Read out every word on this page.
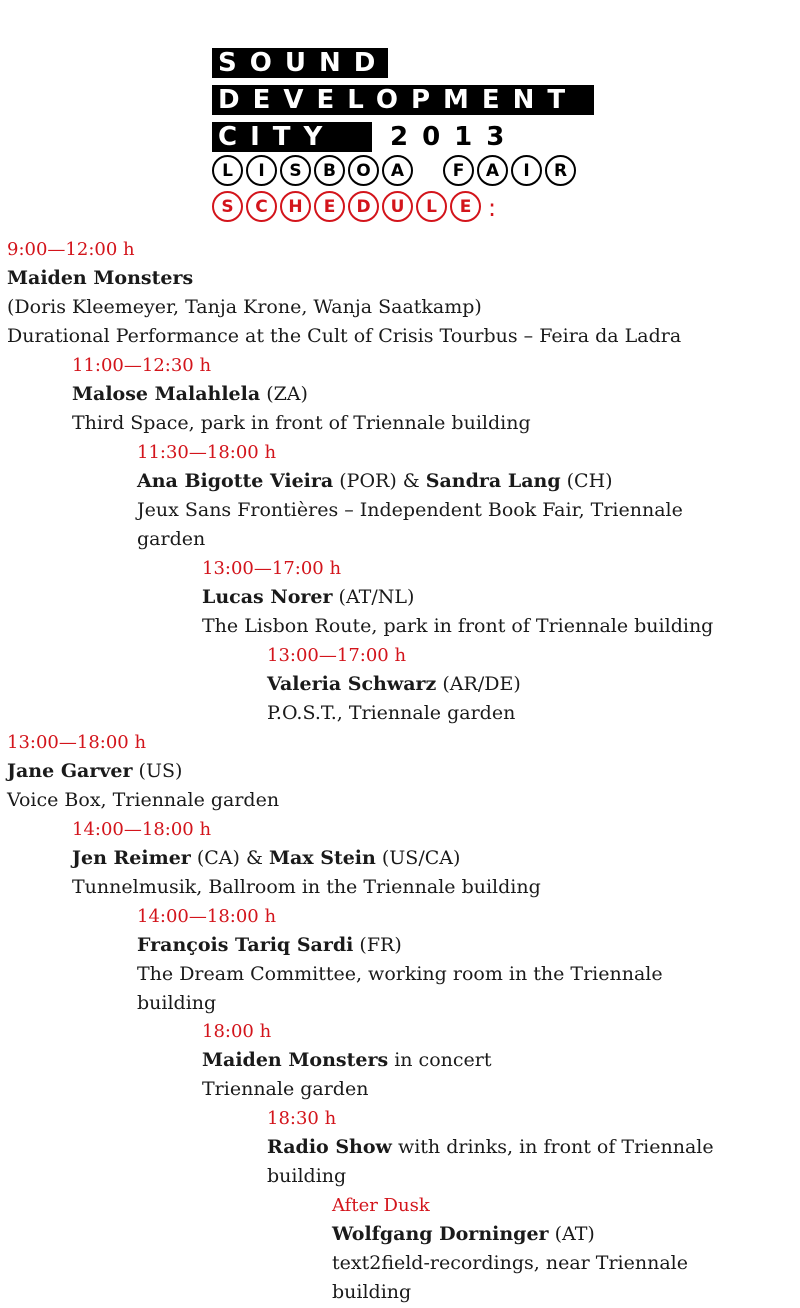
SOUND
DEVELOPMENT
CITY	2013
L	I	S	B	O	A	F	A	I	R
S	C	H	E	D	U	L	E :
9:00—12:00 h
Maiden Monsters
(Doris Kleemeyer, Tanja Krone, Wanja Saatkamp)
Durational Performance at the Cult of Crisis Tourbus – Feira da Ladra
11:00—12:30 h
Malose Malahlela (ZA)
Third Space, park in front of Triennale building
11:30—18:00 h
Ana Bigotte Vieira (POR) & Sandra Lang (CH)
Jeux Sans Frontières – Independent Book Fair, Triennale
garden
13:00—17:00 h
Lucas Norer (AT/NL)
The Lisbon Route, park in front of Triennale building
13:00—17:00 h
Valeria Schwarz (AR/DE)
P.O.S.T., Triennale garden
13:00—18:00 h
Jane Garver (US)
Voice Box, Triennale garden
14:00—18:00 h
Jen Reimer (CA) & Max Stein (US/CA)
Tunnelmusik, Ballroom in the Triennale building
14:00—18:00 h
François Tariq Sardi (FR)
The Dream Committee, working room in the Triennale
building
18:00 h
Maiden Monsters in concert
Triennale garden
18:30 h
Radio Show with drinks, in front of Triennale
building
After Dusk
Wolfgang Dorninger (AT)
text2field-recordings, near Triennale
building
